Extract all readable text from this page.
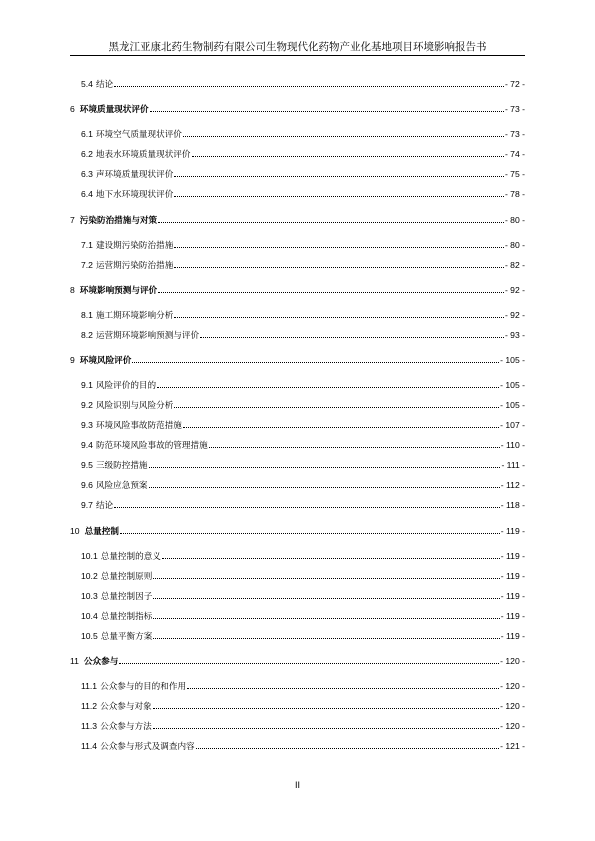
黑龙江亚康北药生物制药有限公司生物现代化药物产业化基地项目环境影响报告书
5.4 结论	- 72 -
6 环境质量现状评价	- 73 -
6.1 环境空气质量现状评价	- 73 -
6.2 地表水环境质量现状评价	- 74 -
6.3 声环境质量现状评价	- 75 -
6.4 地下水环境现状评价	- 78 -
7 污染防治措施与对策	- 80 -
7.1 建设期污染防治措施	- 80 -
7.2 运营期污染防治措施	- 82 -
8 环境影响预测与评价	- 92 -
8.1 施工期环境影响分析	- 92 -
8.2 运营期环境影响预测与评价	- 93 -
9 环境风险评价	- 105 -
9.1 风险评价的目的	- 105 -
9.2 风险识别与风险分析	- 105 -
9.3 环境风险事故防范措施	- 107 -
9.4 防范环境风险事故的管理措施	- 110 -
9.5 三级防控措施	- 111 -
9.6 风险应急预案	- 112 -
9.7 结论	- 118 -
10 总量控制	- 119 -
10.1 总量控制的意义	- 119 -
10.2 总量控制原则	- 119 -
10.3 总量控制因子	- 119 -
10.4 总量控制指标	- 119 -
10.5 总量平衡方案	- 119 -
11 公众参与	- 120 -
11.1 公众参与的目的和作用	- 120 -
11.2 公众参与对象	- 120 -
11.3 公众参与方法	- 120 -
11.4 公众参与形式及调查内容	- 121 -
II
